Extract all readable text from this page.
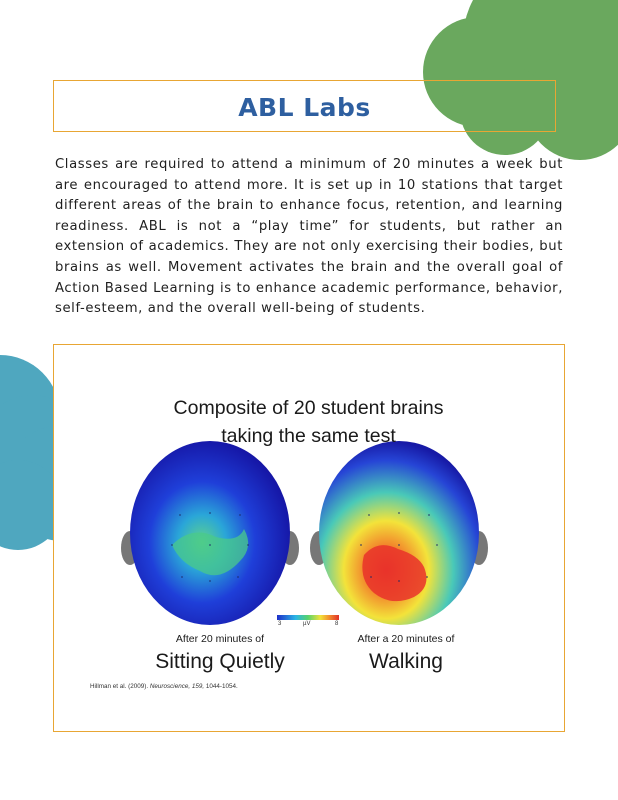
ABL Labs

Classes are required to attend a minimum of 20 minutes a week but are encouraged to attend more. It is set up in 10 stations that target different areas of the brain to enhance focus, retention, and learning readiness. ABL is not a “play time” for students, but rather an extension of academics. They are not only exercising their bodies, but brains as well. Movement activates the brain and the overall goal of Action Based Learning is to enhance academic performance, behavior, self-esteem, and the overall well-being of students.

Composite of 20 student brains
taking the same test
3	µV	8
After 20 minutes of
Sitting Quietly
After a 20 minutes of
Walking
Hillman et al. (2009). Neuroscience, 159, 1044-1054.
